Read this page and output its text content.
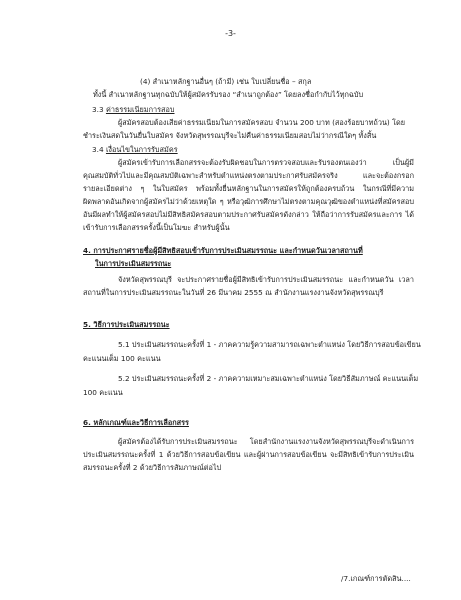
-3-
(4) สำเนาหลักฐานอื่นๆ (ถ้ามี) เช่น ใบเปลี่ยนชื่อ – สกุล
ทั้งนี้ สำเนาหลักฐานทุกฉบับให้ผู้สมัครรับรอง “สำเนาถูกต้อง” โดยลงชื่อกำกับไว้ทุกฉบับ
3.3 ค่าธรรมเนียมการสอบ
ผู้สมัครสอบต้องเสียค่าธรรมเนียมในการสมัครสอบ จำนวน 200 บาท (สองร้อยบาทถ้วน) โดย
ชำระเงินสดในวันยื่นใบสมัคร จังหวัดสุพรรณบุรีจะไม่คืนค่าธรรมเนียมสอบไม่ว่ากรณีใดๆ ทั้งสิ้น
3.4 เงื่อนไขในการรับสมัคร
ผู้สมัครเข้ารับการเลือกสรรจะต้องรับผิดชอบในการตรวจสอบและรับรองตนเองว่า เป็นผู้มี
คุณสมบัติทั่วไปและมีคุณสมบัติเฉพาะสำหรับตำแหน่งตรงตามประกาศรับสมัครจริง และจะต้องกรอก
รายละเอียดต่าง ๆ ในใบสมัคร พร้อมทั้งยื่นหลักฐานในการสมัครให้ถูกต้องครบถ้วน ในกรณีที่มีความ
ผิดพลาดอันเกิดจากผู้สมัครไม่ว่าด้วยเหตุใด ๆ หรือวุฒิการศึกษาไม่ตรงตามคุณวุฒิของตำแหน่งที่สมัครสอบ
อันมีผลทำให้ผู้สมัครสอบไม่มีสิทธิสมัครสอบตามประกาศรับสมัครดังกล่าว ให้ถือว่าการรับสมัครและการ ได้
เข้ารับการเลือกสรรครั้งนี้เป็นโมฆะ สำหรับผู้นั้น
4. การประกาศรายชื่อผู้มีสิทธิสอบเข้ารับการประเมินสมรรถนะ และกำหนดวันเวลาสถานที่
ในการประเมินสมรรถนะ
จังหวัดสุพรรณบุรี จะประกาศรายชื่อผู้มีสิทธิเข้ารับการประเมินสมรรถนะ และกำหนดวัน เวลา
สถานที่ในการประเมินสมรรถนะในวันที่ 26 มีนาคม 2555 ณ สำนักงานแรงงานจังหวัดสุพรรณบุรี
5. วิธีการประเมินสมรรถนะ
5.1 ประเมินสมรรถนะครั้งที่ 1 - ภาคความรู้ความสามารถเฉพาะตำแหน่ง โดยวิธีการสอบข้อเขียน
คะแนนเต็ม 100 คะแนน
5.2 ประเมินสมรรถนะครั้งที่ 2 - ภาคความเหมาะสมเฉพาะตำแหน่ง โดยวิธีสัมภาษณ์ คะแนนเต็ม
100 คะแนน
6. หลักเกณฑ์และวิธีการเลือกสรร
ผู้สมัครต้องได้รับการประเมินสมรรถนะ โดยสำนักงานแรงงานจังหวัดสุพรรณบุรีจะดำเนินการ
ประเมินสมรรถนะครั้งที่ 1 ด้วยวิธีการสอบข้อเขียน และผู้ผ่านการสอบข้อเขียน จะมีสิทธิเข้ารับการประเมิน
สมรรถนะครั้งที่ 2 ด้วยวิธีการสัมภาษณ์ต่อไป
/7.เกณฑ์การตัดสิน....
